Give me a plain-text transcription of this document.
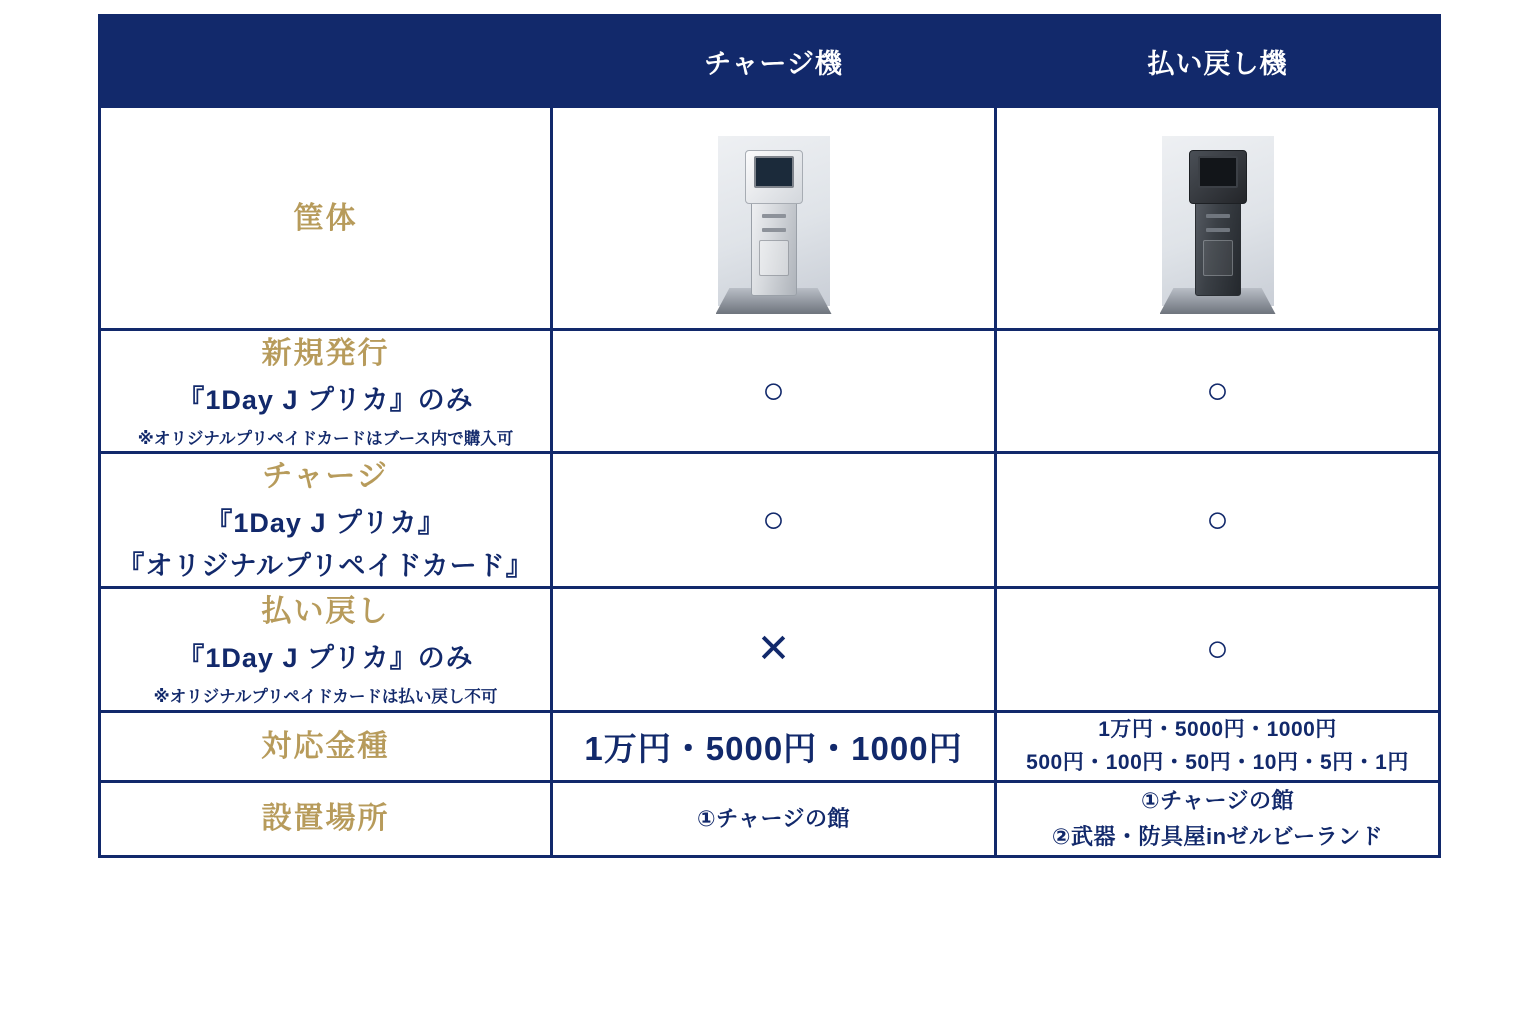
	チャージ機	払い戻し機

筐体		

新規発行
『1Day J プリカ』のみ
※オリジナルプリペイドカードはブース内で購入可	○	○

チャージ
『1Day J プリカ』
『オリジナルプリペイドカード』	○	○

払い戻し
『1Day J プリカ』のみ
※オリジナルプリペイドカードは払い戻し不可	✕	○

対応金種	1万円・5000円・1000円	1万円・5000円・1000円
500円・100円・50円・10円・5円・1円

設置場所	①チャージの館	①チャージの館
②武器・防具屋inゼルビーランド
